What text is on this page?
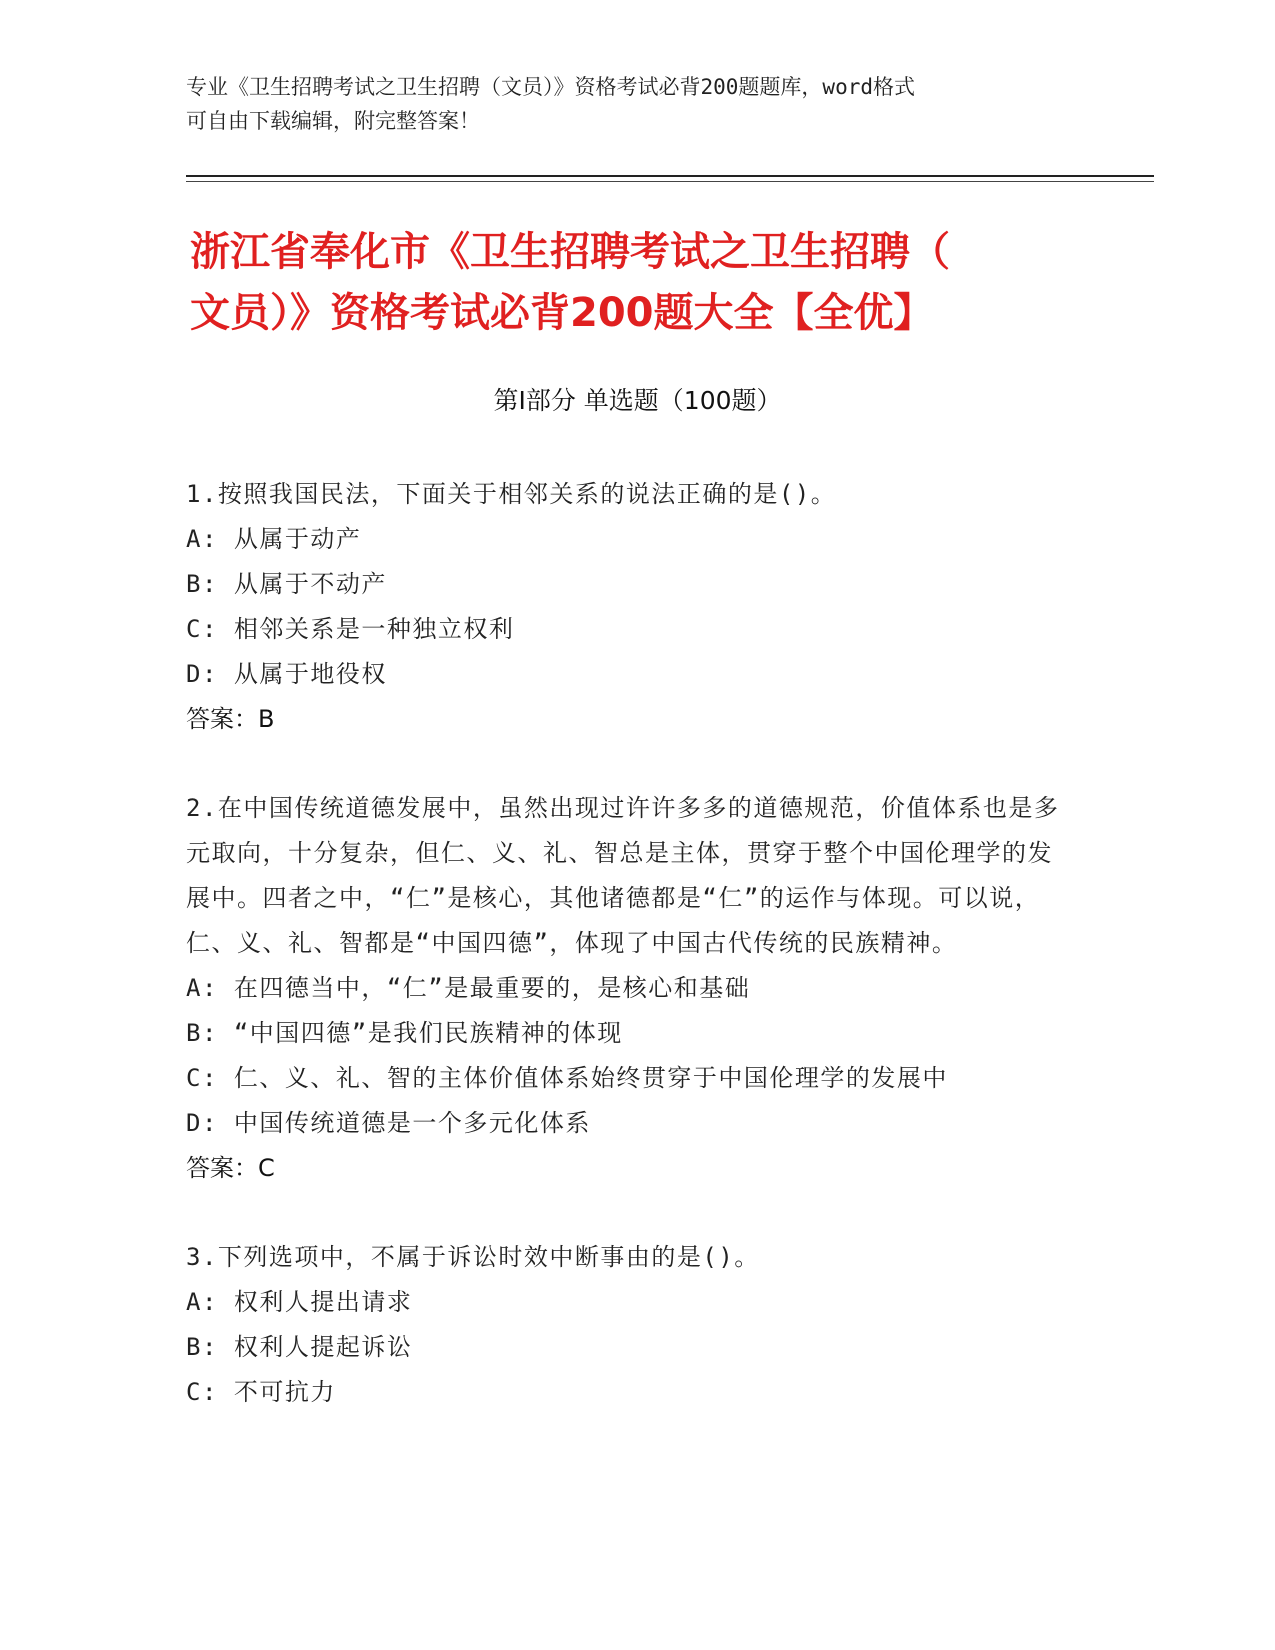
专业《卫生招聘考试之卫生招聘（文员）》资格考试必背200题题库，word格式
可自由下载编辑，附完整答案！
浙江省奉化市《卫生招聘考试之卫生招聘（
文员）》资格考试必背200题大全【全优】
第I部分 单选题（100题）
1.按照我国民法，下面关于相邻关系的说法正确的是()。
A: 从属于动产
B: 从属于不动产
C: 相邻关系是一种独立权利
D: 从属于地役权
答案：B
2.在中国传统道德发展中，虽然出现过许许多多的道德规范，价值体系也是多元取向，十分复杂，但仁、义、礼、智总是主体，贯穿于整个中国伦理学的发展中。四者之中，“仁”是核心，其他诸德都是“仁”的运作与体现。可以说，仁、义、礼、智都是“中国四德”，体现了中国古代传统的民族精神。
A: 在四德当中，“仁”是最重要的，是核心和基础
B: “中国四德”是我们民族精神的体现
C: 仁、义、礼、智的主体价值体系始终贯穿于中国伦理学的发展中
D: 中国传统道德是一个多元化体系
答案：C
3.下列选项中，不属于诉讼时效中断事由的是()。
A: 权利人提出请求
B: 权利人提起诉讼
C: 不可抗力
